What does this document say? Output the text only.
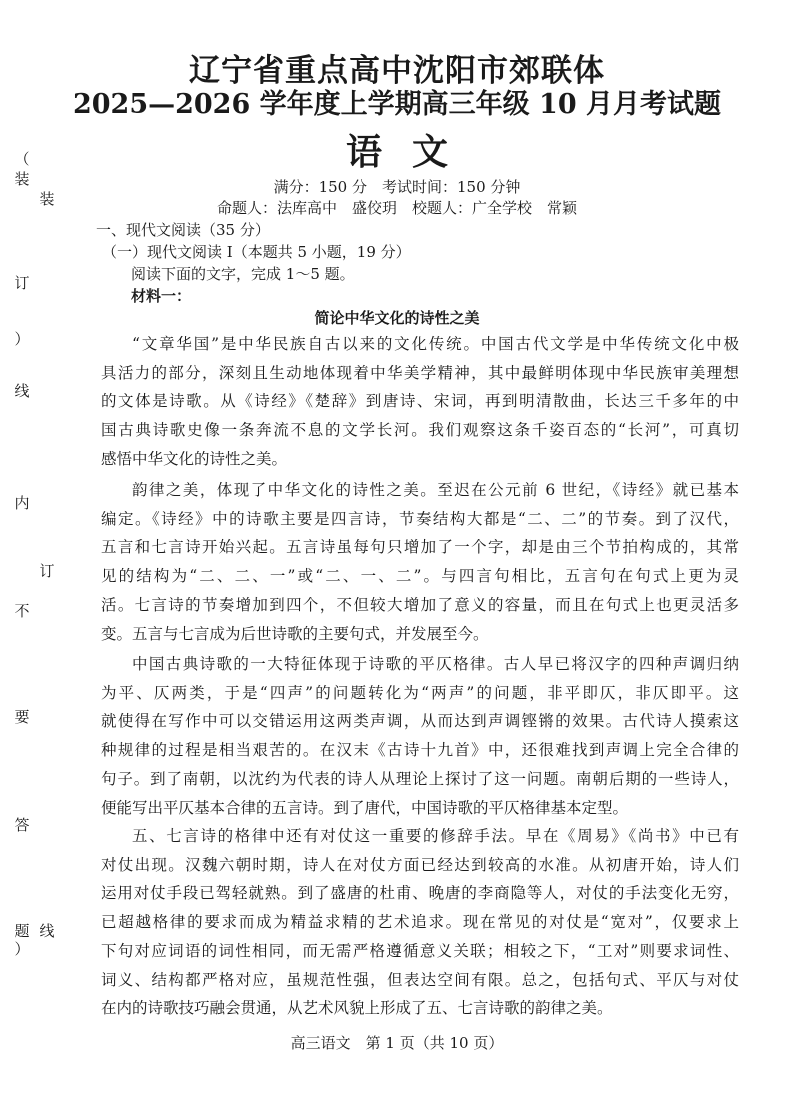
辽宁省重点高中沈阳市郊联体
2025—2026 学年度上学期高三年级 10 月月考试题
语文
满分：150 分　考试时间：150 分钟
命题人：法库高中　盛佼玥　校题人：广全学校　常颖
（
装
订
）
线
内
不
要
答
题
）
装
订
线
一、现代文阅读（35 分）
（一）现代文阅读 I（本题共 5 小题，19 分）
阅读下面的文字，完成 1～5 题。
材料一：
简论中华文化的诗性之美

“文章华国”是中华民族自古以来的文化传统。中国古代文学是中华传统文化中极

具活力的部分，深刻且生动地体现着中华美学精神，其中最鲜明体现中华民族审美理想

的文体是诗歌。从《诗经》《楚辞》到唐诗、宋词，再到明清散曲，长达三千多年的中

国古典诗歌史像一条奔流不息的文学长河。我们观察这条千姿百态的“长河”，可真切

感悟中华文化的诗性之美。

韵律之美，体现了中华文化的诗性之美。至迟在公元前 6 世纪，《诗经》就已基本

编定。《诗经》中的诗歌主要是四言诗，节奏结构大都是“二、二”的节奏。到了汉代，

五言和七言诗开始兴起。五言诗虽每句只增加了一个字，却是由三个节拍构成的，其常

见的结构为“二、二、一”或“二、一、二”。与四言句相比，五言句在句式上更为灵

活。七言诗的节奏增加到四个，不但较大增加了意义的容量，而且在句式上也更灵活多

变。五言与七言成为后世诗歌的主要句式，并发展至今。

中国古典诗歌的一大特征体现于诗歌的平仄格律。古人早已将汉字的四种声调归纳

为平、仄两类，于是“四声”的问题转化为“两声”的问题，非平即仄，非仄即平。这

就使得在写作中可以交错运用这两类声调，从而达到声调铿锵的效果。古代诗人摸索这

种规律的过程是相当艰苦的。在汉末《古诗十九首》中，还很难找到声调上完全合律的

句子。到了南朝，以沈约为代表的诗人从理论上探讨了这一问题。南朝后期的一些诗人，

便能写出平仄基本合律的五言诗。到了唐代，中国诗歌的平仄格律基本定型。

五、七言诗的格律中还有对仗这一重要的修辞手法。早在《周易》《尚书》中已有

对仗出现。汉魏六朝时期，诗人在对仗方面已经达到较高的水准。从初唐开始，诗人们

运用对仗手段已驾轻就熟。到了盛唐的杜甫、晚唐的李商隐等人，对仗的手法变化无穷，

已超越格律的要求而成为精益求精的艺术追求。现在常见的对仗是“宽对”，仅要求上

下句对应词语的词性相同，而无需严格遵循意义关联；相较之下，“工对”则要求词性、

词义、结构都严格对应，虽规范性强，但表达空间有限。总之，包括句式、平仄与对仗

在内的诗歌技巧融会贯通，从艺术风貌上形成了五、七言诗歌的韵律之美。

高三语文　第 1 页（共 10 页）
